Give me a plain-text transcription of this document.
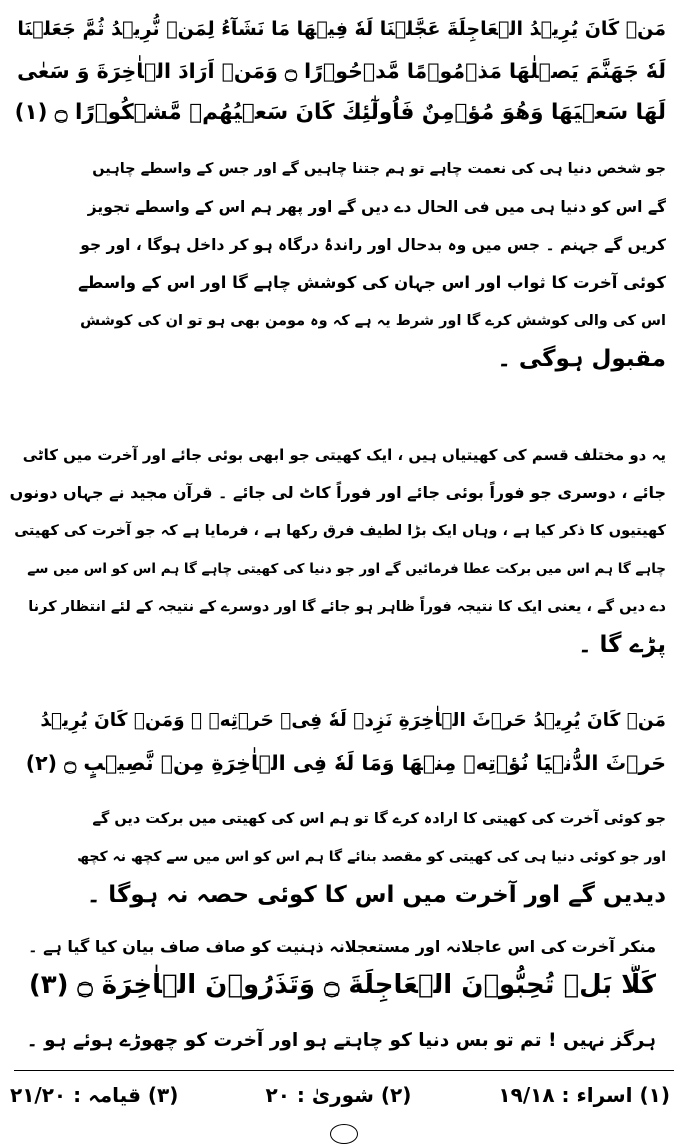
مَنۡ كَانَ يُرِيۡدُ الۡعَاجِلَةَ عَجَّلۡنَا لَهٗ فِيۡهَا مَا نَشَآءُ لِمَنۡ نُّرِيۡدُ ثُمَّ جَعَلۡنَا
لَهٗ جَهَنَّمَ يَصۡلٰهَا مَذۡمُوۡمًا مَّدۡحُوۡرًا ۝ وَمَنۡ اَرَادَ الۡاٰخِرَةَ وَ سَعٰى
لَهَا سَعۡيَهَا وَهُوَ مُؤۡمِنٌ فَاُولٰٓئِكَ كَانَ سَعۡيُهُمۡ مَّشۡكُوۡرًا ۝ (۱)
جو شخص دنیا ہی کی نعمت چاہے تو ہم جتنا چاہیں گے اور جس کے واسطے چاہیں
گے اس کو دنیا ہی میں فی الحال دے دیں گے اور پھر ہم اس کے واسطے تجویز
کریں گے جہنم ۔ جس میں وہ بدحال اور راندۂ درگاہ ہو کر داخل ہوگا ، اور جو
کوئی آخرت کا ثواب اور اس جہان کی کوشش چاہے گا اور اس کے واسطے
اس کی والی کوشش کرے گا اور شرط یہ ہے کہ وہ مومن بھی ہو تو ان کی کوشش
مقبول ہوگی ۔
یہ دو مختلف قسم کی کھیتیاں ہیں ، ایک کھیتی جو ابھی بوئی جائے اور آخرت میں کاٹی
جائے ، دوسری جو فوراً بوئی جائے اور فوراً کاٹ لی جائے ۔ قرآن مجید نے جہاں دونوں
کھیتیوں کا ذکر کیا ہے ، وہاں ایک بڑا لطیف فرق رکھا ہے ، فرمایا ہے کہ جو آخرت کی کھیتی
چاہے گا ہم اس میں برکت عطا فرمائیں گے اور جو دنیا کی کھیتی چاہے گا ہم اس کو اس میں سے
دے دیں گے ، یعنی ایک کا نتیجہ فوراً ظاہر ہو جائے گا اور دوسرے کے نتیجہ کے لئے انتظار کرنا
پڑے گا ۔
مَنۡ كَانَ يُرِيۡدُ حَرۡثَ الۡاٰخِرَةِ نَزِدۡ لَهٗ فِىۡ حَرۡثِهٖ ۚ وَمَنۡ كَانَ يُرِيۡدُ
حَرۡثَ الدُّنۡيَا نُؤۡتِهٖ مِنۡهَا وَمَا لَهٗ فِى الۡاٰخِرَةِ مِنۡ نَّصِيۡبٍ ۝ (۲)
جو کوئی آخرت کی کھیتی کا ارادہ کرے گا تو ہم اس کی کھیتی میں برکت دیں گے
اور جو کوئی دنیا ہی کی کھیتی کو مقصد بنائے گا ہم اس کو اس میں سے کچھ نہ کچھ
دیدیں گے اور آخرت میں اس کا کوئی حصہ نہ ہوگا ۔
منکر آخرت کی اس عاجلانہ اور مستعجلانہ ذہنیت کو صاف صاف بیان کیا گیا ہے ۔
كَلَّا بَلۡ تُحِبُّوۡنَ الۡعَاجِلَةَ ۝ وَتَذَرُوۡنَ الۡاٰخِرَةَ ۝ (۳)
ہرگز نہیں ! تم تو بس دنیا کو چاہتے ہو اور آخرت کو چھوڑے ہوئے ہو ۔
(۱) اسراء : ۱۹/۱۸
(۲) شوریٰ : ۲۰
(۳) قیامہ : ۲۱/۲۰
